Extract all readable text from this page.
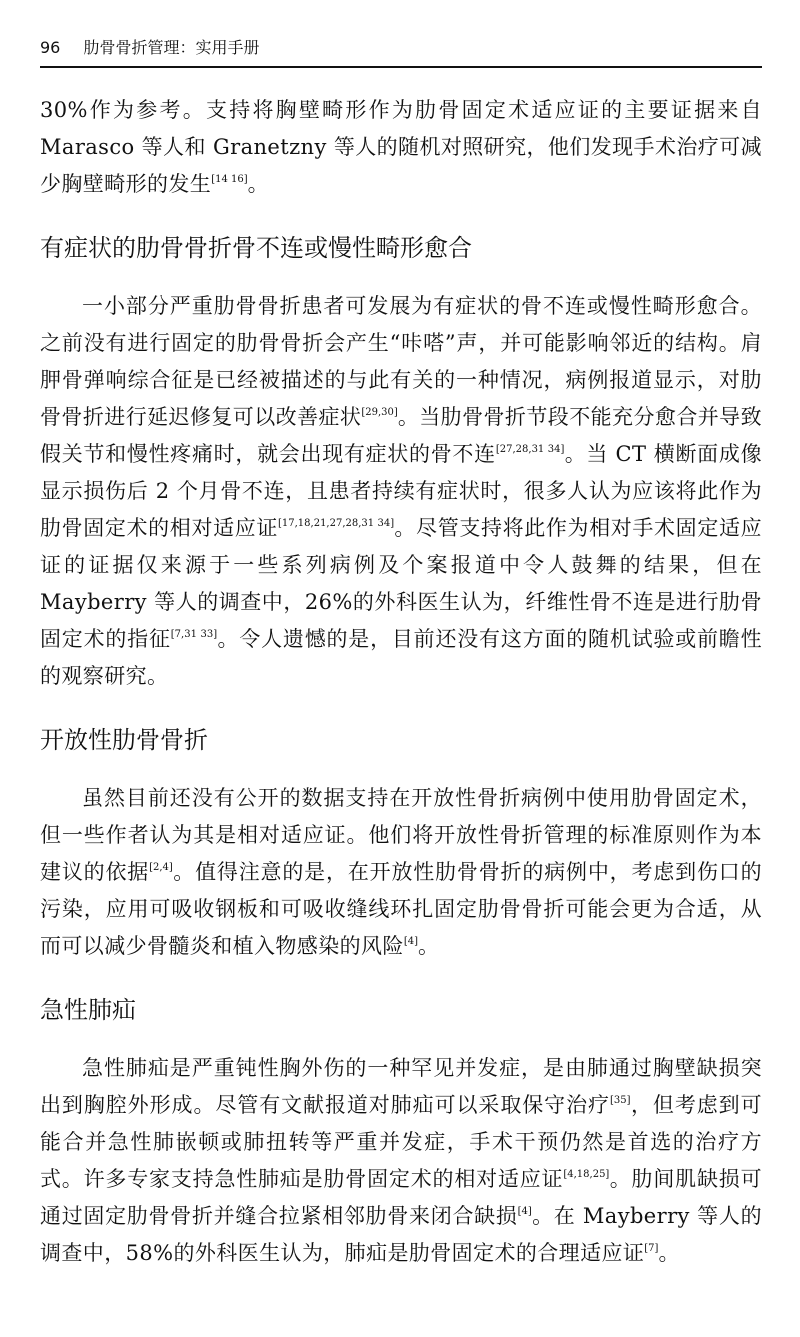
96 肋骨骨折管理：实用手册

30%作为参考。支持将胸壁畸形作为肋骨固定术适应证的主要证据来自Marasco 等人和 Granetzny 等人的随机对照研究，他们发现手术治疗可减少胸壁畸形的发生[14 16]。

有症状的肋骨骨折骨不连或慢性畸形愈合

一小部分严重肋骨骨折患者可发展为有症状的骨不连或慢性畸形愈合。之前没有进行固定的肋骨骨折会产生“咔嗒”声，并可能影响邻近的结构。肩胛骨弹响综合征是已经被描述的与此有关的一种情况，病例报道显示，对肋骨骨折进行延迟修复可以改善症状[29,30]。当肋骨骨折节段不能充分愈合并导致假关节和慢性疼痛时，就会出现有症状的骨不连[27,28,31 34]。当 CT 横断面成像显示损伤后 2 个月骨不连，且患者持续有症状时，很多人认为应该将此作为肋骨固定术的相对适应证[17,18,21,27,28,31 34]。尽管支持将此作为相对手术固定适应证的证据仅来源于一些系列病例及个案报道中令人鼓舞的结果，但在 Mayberry 等人的调查中，26%的外科医生认为，纤维性骨不连是进行肋骨固定术的指征[7,31 33]。令人遗憾的是，目前还没有这方面的随机试验或前瞻性的观察研究。

开放性肋骨骨折

虽然目前还没有公开的数据支持在开放性骨折病例中使用肋骨固定术，但一些作者认为其是相对适应证。他们将开放性骨折管理的标准原则作为本建议的依据[2,4]。值得注意的是，在开放性肋骨骨折的病例中，考虑到伤口的污染，应用可吸收钢板和可吸收缝线环扎固定肋骨骨折可能会更为合适，从而可以减少骨髓炎和植入物感染的风险[4]。

急性肺疝

急性肺疝是严重钝性胸外伤的一种罕见并发症，是由肺通过胸壁缺损突出到胸腔外形成。尽管有文献报道对肺疝可以采取保守治疗[35]，但考虑到可能合并急性肺嵌顿或肺扭转等严重并发症，手术干预仍然是首选的治疗方式。许多专家支持急性肺疝是肋骨固定术的相对适应证[4,18,25]。肋间肌缺损可通过固定肋骨骨折并缝合拉紧相邻肋骨来闭合缺损[4]。在 Mayberry 等人的调查中，58%的外科医生认为，肺疝是肋骨固定术的合理适应证[7]。
